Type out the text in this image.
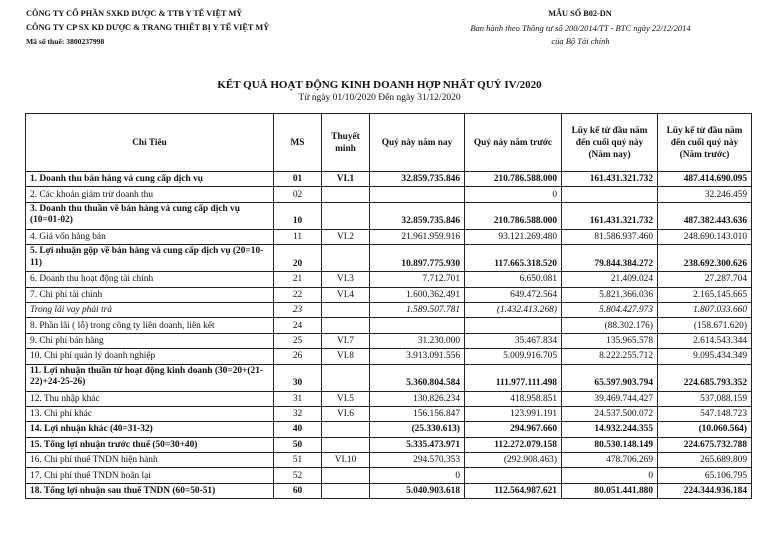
CÔNG TY CỔ PHẦN SXKD DƯỢC & TTB Y TẾ VIỆT MỸ
CÔNG TY CP SX KD DƯỢC & TRANG THIẾT BỊ Y TẾ VIỆT MỸ
Mã số thuế: 3800237998
MẪU SỐ B02-DN
Ban hành theo Thông tư số 200/2014/TT - BTC ngày 22/12/2014
của Bộ Tài chính
KẾT QUẢ HOẠT ĐỘNG KINH DOANH HỢP NHẤT QUÝ IV/2020
Từ ngày 01/10/2020 Đến ngày 31/12/2020
Chỉ Tiêu	MS	Thuyết minh	Quý này năm nay	Quý này năm trước	Lũy kế từ đầu năm đến cuối quý này (Năm nay)	Lũy kế từ đầu năm đến cuối quý này (Năm trước)
1. Doanh thu bán hàng và cung cấp dịch vụ	01	VI.1	32.859.735.846	210.786.588.000	161.431.321.732	487.414.690.095
2. Các khoản giảm trừ doanh thu	02			0		32.246.459
3. Doanh thu thuần về bán hàng và cung cấp dịch vụ (10=01-02)	10		32.859.735.846	210.786.588.000	161.431.321.732	487.382.443.636
4. Giá vốn hàng bán	11	VI.2	21.961.959.916	93.121.269.480	81.586.937.460	248.690.143.010
5. Lợi nhuận gộp về bán hàng và cung cấp dịch vụ (20=10-11)	20		10.897.775.930	117.665.318.520	79.844.384.272	238.692.300.626
6. Doanh thu hoạt động tài chính	21	VI.3	7.712.701	6.650.081	21.409.024	27.287.704
7. Chi phí tài chính	22	VI.4	1.600.362.491	649.472.564	5.821.366.036	2.165.145.665
Trong lãi vay phải trả	23		1.589.507.781	(1.432.413.268)	5.804.427.973	1.807.033.660
8. Phần lãi ( lỗ) trong công ty liên doanh, liên kết	24				(88.302.176)	(158.671.620)
9. Chi phí bán hàng	25	VI.7	31.230.000	35.467.834	135.965.578	2.614.543.344
10. Chi phí quản lý doanh nghiệp	26	VI.8	3.913.091.556	5.009.916.705	8.222.255.712	9.095.434.349
11. Lợi nhuận thuần từ hoạt động kinh doanh (30=20+(21-22)+24-25-26)	30		5.360.804.584	111.977.111.498	65.597.903.794	224.685.793.352
12. Thu nhập khác	31	VI.5	130.826.234	418.958.851	39.469.744.427	537.088.159
13. Chi phí khác	32	VI.6	156.156.847	123.991.191	24.537.500.072	547.148.723
14. Lợi nhuận khác (40=31-32)	40		(25.330.613)	294.967.660	14.932.244.355	(10.060.564)
15. Tổng lợi nhuận trước thuế (50=30+40)	50		5.335.473.971	112.272.079.158	80.530.148.149	224.675.732.788
16. Chi phí thuế TNDN hiện hành	51	VI.10	294.570.353	(292.908.463)	478.706.269	265.689.809
17. Chi phí thuế TNDN hoãn lại	52		0		0	65.106.795
18. Tổng lợi nhuận sau thuế TNDN (60=50-51)	60		5.040.903.618	112.564.987.621	80.051.441.880	224.344.936.184
